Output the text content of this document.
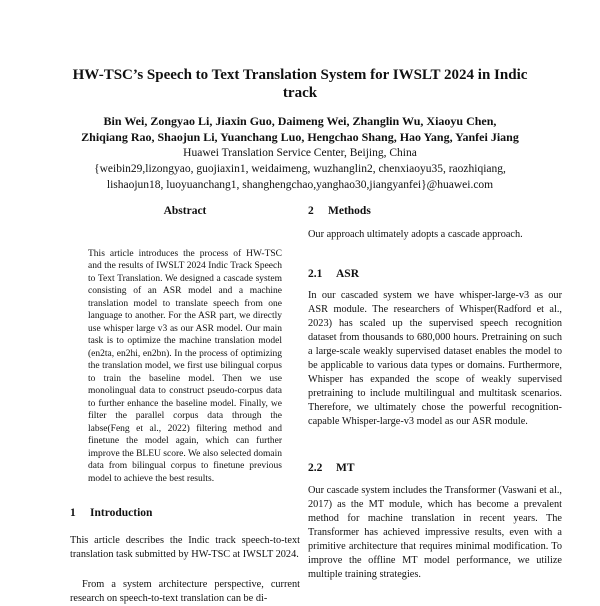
HW-TSC’s Speech to Text Translation System for IWSLT 2024 in Indic track
Bin Wei, Zongyao Li, Jiaxin Guo, Daimeng Wei, Zhanglin Wu, Xiaoyu Chen,
Zhiqiang Rao, Shaojun Li, Yuanchang Luo, Hengchao Shang, Hao Yang, Yanfei Jiang
Huawei Translation Service Center, Beijing, China
{weibin29,lizongyao, guojiaxin1, weidaimeng, wuzhanglin2, chenxiaoyu35, raozhiqiang,
lishaojun18, luoyuanchang1, shanghengchao,yanghao30,jiangyanfei}@huawei.com
Abstract

This article introduces the process of HW-TSC and the results of IWSLT 2024 Indic Track Speech to Text Translation. We designed a cascade system consisting of an ASR model and a machine translation model to translate speech from one language to another. For the ASR part, we directly use whisper large v3 as our ASR model. Our main task is to optimize the machine translation model (en2ta, en2hi, en2bn). In the process of optimizing the translation model, we first use bilingual corpus to train the baseline model. Then we use monolingual data to construct pseudo-corpus data to further enhance the baseline model. Finally, we filter the parallel corpus data through the labse(Feng et al., 2022) filtering method and finetune the model again, which can further improve the BLEU score. We also selected domain data from bilingual corpus to finetune previous model to achieve the best results.

1 Introduction

This article describes the Indic track speech-to-text translation task submitted by HW-TSC at IWSLT 2024.

From a system architecture perspective, current research on speech-to-text translation can be di-

2 Methods

Our approach ultimately adopts a cascade approach.

2.1 ASR

In our cascaded system we have whisper-large-v3 as our ASR module. The researchers of Whisper(Radford et al., 2023) has scaled up the supervised speech recognition dataset from thousands to 680,000 hours. Pretraining on such a large-scale weakly supervised dataset enables the model to be applicable to various data types or domains. Furthermore, Whisper has expanded the scope of weakly supervised pretraining to include multilingual and multitask scenarios. Therefore, we ultimately chose the powerful recognition-capable Whisper-large-v3 model as our ASR module.

2.2 MT

Our cascade system includes the Transformer (Vaswani et al., 2017) as the MT module, which has become a prevalent method for machine translation in recent years. The Transformer has achieved impressive results, even with a primitive architecture that requires minimal modification. To improve the offline MT model performance, we utilize multiple training strategies.
